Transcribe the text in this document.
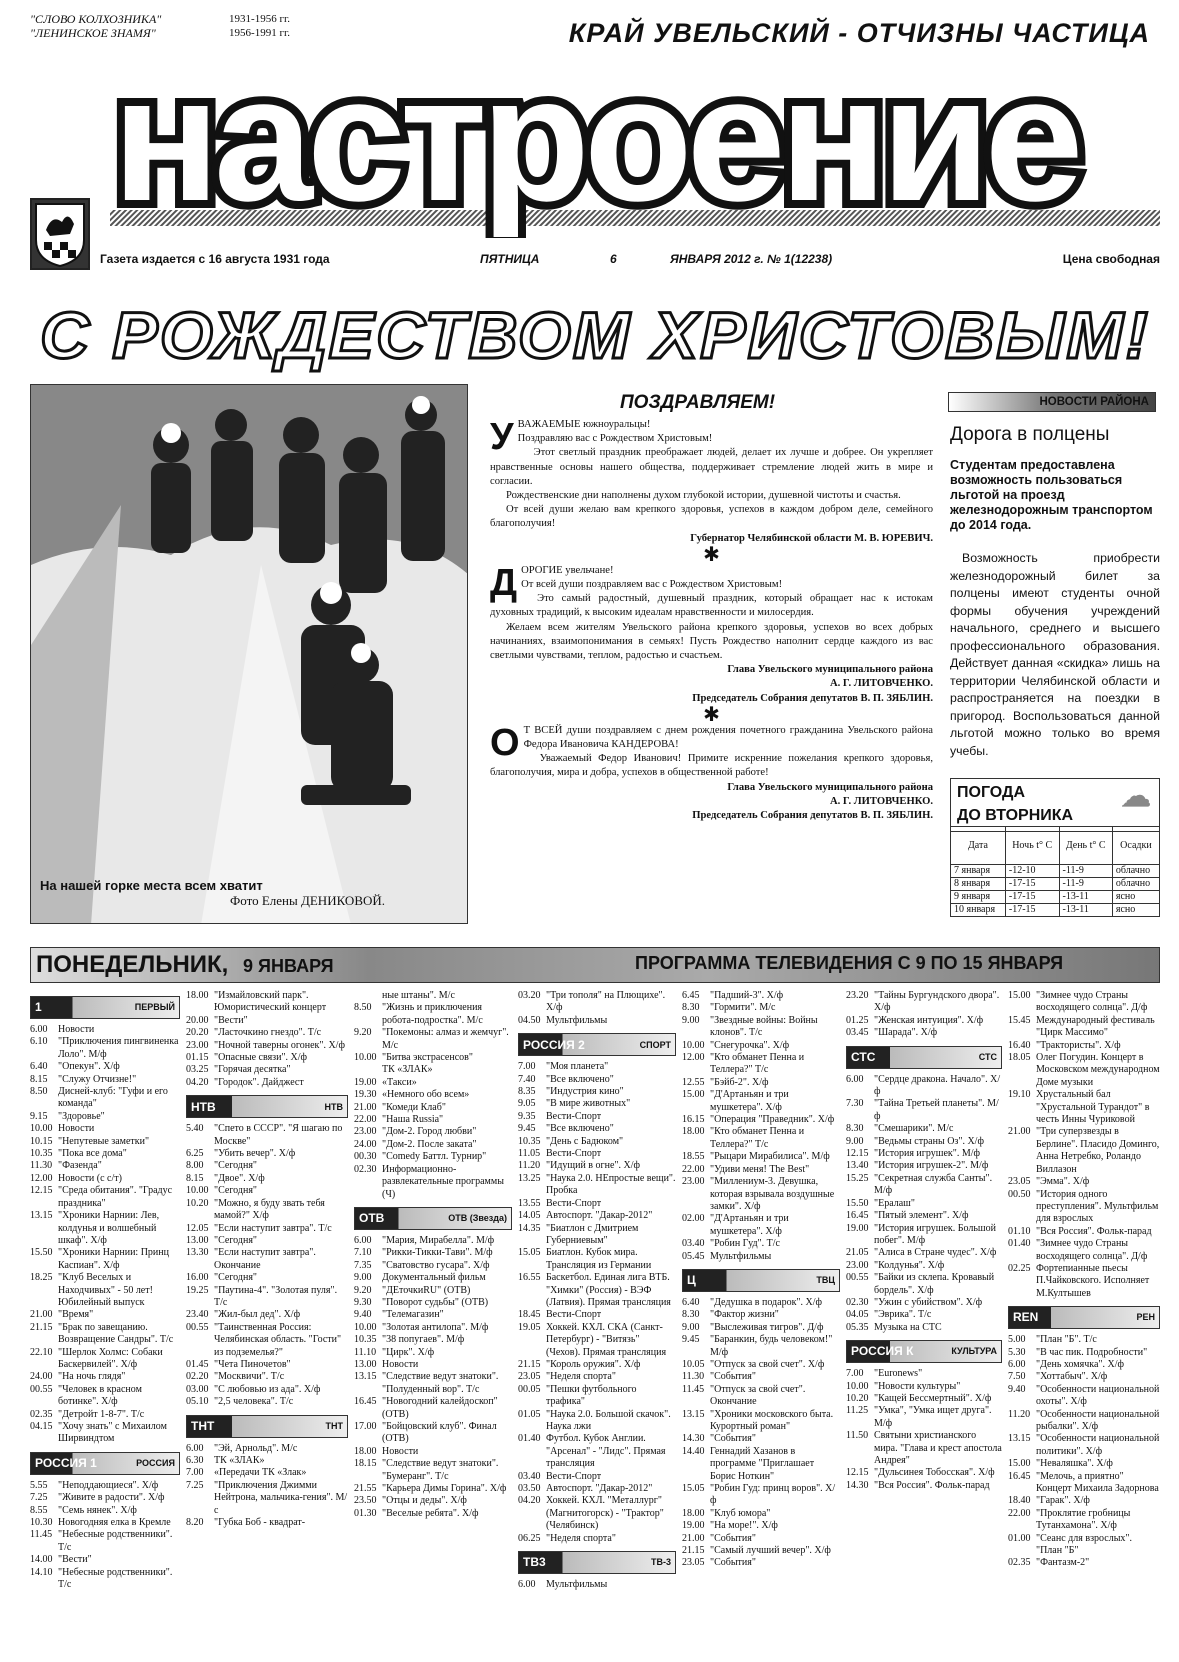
"СЛОВО КОЛХОЗНИКА"	1931-1956 гг.
"ЛЕНИНСКОЕ ЗНАМЯ"	1956-1991 гг.	КРАЙ УВЕЛЬСКИЙ - ОТЧИЗНЫ ЧАСТИЦА
настроение
Газета издается с 16 августа 1931 года	ПЯТНИЦА	6	ЯНВАРЯ 2012 г. № 1(12238)	Цена свободная
С РОЖДЕСТВОМ ХРИСТОВЫМ!
На нашей горке места всем хватит
Фото Елены ДЕНИКОВОЙ.
ПОЗДРАВЛЯЕМ!

УВАЖАЕМЫЕ южноуральцы!

Поздравляю вас с Рождеством Христовым!

Этот светлый праздник преображает людей, делает их лучше и добрее. Он укрепляет нравственные основы нашего общества, поддерживает стремление людей жить в мире и согласии.

Рождественские дни наполнены духом глубокой истории, душевной чистоты и счастья.

От всей души желаю вам крепкого здоровья, успехов в каждом добром деле, семейного благополучия!

Губернатор Челябинской области М. В. ЮРЕВИЧ.

✱

ДОРОГИЕ увельчане!

От всей души поздравляем вас с Рождеством Христовым!

Это самый радостный, душевный праздник, который обращает нас к истокам духовных традиций, к высоким идеалам нравственности и милосердия.

Желаем всем жителям Увельского района крепкого здоровья, успехов во всех добрых начинаниях, взаимопонимания в семьях! Пусть Рождество наполнит сердце каждого из вас светлыми чувствами, теплом, радостью и счастьем.

Глава Увельского муниципального района

А. Г. ЛИТОВЧЕНКО.

Председатель Собрания депутатов В. П. ЗЯБЛИН.

✱

О Т ВСЕЙ души поздравляем с днем рождения почетного гражданина Увельского района Федора Ивановича КАНДЕРОВА!

Уважаемый Федор Иванович! Примите искренние пожелания крепкого здоровья, благополучия, мира и добра, успехов в общественной работе!

Глава Увельского муниципального района

А. Г. ЛИТОВЧЕНКО.

Председатель Собрания депутатов В. П. ЗЯБЛИН.

НОВОСТИ РАЙОНА
Дорога в полцены
Студентам предоставлена возможность пользоваться льготой на проезд железнодорожным транспортом до 2014 года.
Возможность приобрести железнодорожный билет за полцены имеют студенты очной формы обучения учреждений начального, среднего и высшего профессионального образования. Действует данная «скидка» лишь на территории Челябинской области и распространяется на поездки в пригород. Воспользоваться данной льготой можно только во время учебы.
ПОГОДА
ДО ВТОРНИКА
☁
Дата	Ночь t° С	День t° С	Осадки
7 января	-12-10	-11-9	облачно
8 января	-17-15	-11-9	облачно
9 января	-17-15	-13-11	ясно
10 января	-17-15	-13-11	ясно
ПОНЕДЕЛЬНИК, 9 ЯНВАРЯ	ПРОГРАММА ТЕЛЕВИДЕНИЯ С 9 ПО 15 ЯНВАРЯ
1	ПЕРВЫЙ
6.00	Новости
6.10	"Приключения пингвиненка Лоло". М/ф
6.40	"Опекун". Х/ф
8.15	"Служу Отчизне!"
8.50	Дисней-клуб: "Гуфи и его команда"
9.15	"Здоровье"
10.00 Новости
10.15 "Непутевые заметки"
10.35 "Пока все дома"
11.30 "Фазенда"
12.00 Новости (с с/т)
12.15 "Среда обитания". "Градус праздника"
13.15 "Хроники Нарнии: Лев, колдунья и волшебный шкаф". Х/ф
15.50 "Хроники Нарнии: Принц Каспиан". Х/ф
18.25 "Клуб Веселых и Находчивых" - 50 лет! Юбилейный выпуск
21.00 "Время"
21.15 "Брак по завещанию. Возвращение Сандры". Т/с
22.10 "Шерлок Холмс: Собаки Баскервилей". Х/ф
24.00 "На ночь глядя"
00.55 "Человек в красном ботинке". Х/ф
02.35 "Детройт 1-8-7". Т/с
04.15 "Хочу знать" с Михаилом Ширвиндтом
РОССИЯ 1	РОССИЯ
5.55	"Неподдающиеся". Х/ф
7.25	"Живите в радости". Х/ф
8.55	"Семь нянек". Х/ф
10.30 Новогодняя елка в Кремле
11.45 "Небесные родственники". Т/с
14.00 "Вести"
14.10 "Небесные родственники". Т/с
18.00 "Измайловский парк". Юмористический концерт
20.00 "Вести"
20.20 "Ласточкино гнездо". Т/с
23.00 "Ночной таверны огонек". Х/ф
01.15 "Опасные связи". Х/ф
03.25 "Горячая десятка"
04.20 "Городок". Дайджест
НТВ	НТВ
5.40	"Спето в СССР". "Я шагаю по Москве"
6.25	"Убить вечер". Х/ф
8.00	"Сегодня"
8.15	"Двое". Х/ф
10.00 "Сегодня"
10.20 "Можно, я буду звать тебя мамой?" Х/ф
12.05 "Если наступит завтра". Т/с
13.00 "Сегодня"
13.30 "Если наступит завтра". Окончание
16.00 "Сегодня"
19.25 "Паутина-4". "Золотая пуля". Т/с
23.40 "Жил-был дед". Х/ф
00.55 "Таинственная Россия: Челябинская область. "Гости" из подземелья?"
01.45 "Чета Пиночетов"
02.20 "Москвичи". Т/с
03.00 "С любовью из ада". Х/ф
05.10 "2,5 человека". Т/с
ТНТ	ТНТ
6.00	"Эй, Арнольд". М/с
6.30	ТК «ЗЛАК»
7.00	«Передачи ТК «Злак»
7.25	"Приключения Джимми Нейтрона, мальчика-гения". М/с
8.20	"Губка Боб - квадрат-
ные штаны". М/с
8.50	"Жизнь и приключения робота-подростка". М/с
9.20	"Покемоны: алмаз и жемчуг". М/с
10.00 "Битва экстрасенсов"
ТК «ЗЛАК»
19.00 «Такси»
19.30 «Немного обо всем»
21.00 "Комеди Клаб"
22.00 "Наша Russia"
23.00 "Дом-2. Город любви"
24.00 "Дом-2. После заката"
00.30 "Comedy Баттл. Турнир"
02.30 Информационно-развлекательные программы (Ч)
ОТВ	ОТВ (Звезда)
6.00	"Мария, Мирабелла". М/ф
7.10	"Рикки-Тикки-Тави". М/ф
7.35	"Сватовство гусара". Х/ф
9.00	Документальный фильм
9.20	"ДЕточкиRU" (ОТВ)
9.30	"Поворот судьбы" (ОТВ)
9.40	"Телемагазин"
10.00 "Золотая антилопа". М/ф
10.35 "38 попугаев". М/ф
11.10 "Цирк". Х/ф
13.00 Новости
13.15 "Следствие ведут знатоки". "Полуденный вор". Т/с
16.45 "Новогодний калейдоскоп" (ОТВ)
17.00 "Бойцовский клуб". Финал (ОТВ)
18.00 Новости
18.15 "Следствие ведут знатоки". "Бумеранг". Т/с
21.55 "Карьера Димы Горина". Х/ф
23.50 "Отцы и деды". Х/ф
01.30 "Веселые ребята". Х/ф
03.20 "Три тополя" на Плющихе". Х/ф
04.50 Мультфильмы
РОССИЯ 2	СПОРТ
7.00	"Моя планета"
7.40	"Все включено"
8.35	"Индустрия кино"
9.05	"В мире животных"
9.35	Вести-Спорт
9.45	"Все включено"
10.35 "День с Бадюком"
11.05 Вести-Спорт
11.20 "Идущий в огне". Х/ф
13.25 "Наука 2.0. НЕпростые вещи". Пробка
13.55 Вести-Спорт
14.05 Автоспорт. "Дакар-2012"
14.35 "Биатлон с Дмитрием Губерниевым"
15.05 Биатлон. Кубок мира. Трансляция из Германии
16.55 Баскетбол. Единая лига ВТБ. "Химки" (Россия) - ВЭФ (Латвия). Прямая трансляция
18.45 Вести-Спорт
19.05 Хоккей. КХЛ. СКА (Санкт-Петербург) - "Витязь" (Чехов). Прямая трансляция
21.15 "Король оружия". Х/ф
23.05 "Неделя спорта"
00.05 "Пешки футбольного трафика"
01.05 "Наука 2.0. Большой скачок". Наука лжи
01.40 Футбол. Кубок Англии. "Арсенал" - "Лидс". Прямая трансляция
03.40 Вести-Спорт
03.50 Автоспорт. "Дакар-2012"
04.20 Хоккей. КХЛ. "Металлург" (Магнитогорск) - "Трактор" (Челябинск)
06.25 "Неделя спорта"
ТВ3	ТВ-3
6.00	Мультфильмы
6.45	"Падший-3". Х/ф
8.30	"Гормити". М/с
9.00	"Звездные войны: Войны клонов". Т/с
10.00 "Снегурочка". Х/ф
12.00 "Кто обманет Пенна и Теллера?" Т/с
12.55 "Бэйб-2". Х/ф
15.00 "Д'Артаньян и три мушкетера". Х/ф
16.15 "Операция "Праведник". Х/ф
18.00 "Кто обманет Пенна и Теллера?" Т/с
18.55 "Рыцари Мирабилиса". М/ф
22.00 "Удиви меня! The Best"
23.00 "Миллениум-3. Девушка, которая взрывала воздушные замки". Х/ф
02.00 "Д'Артаньян и три мушкетера". Х/ф
03.40 "Робин Гуд". Т/с
05.45 Мультфильмы
Ц	ТВЦ
6.40	"Дедушка в подарок". Х/ф
8.30	"Фактор жизни"
9.00	"Выслеживая тигров". Д/ф
9.45	"Баранкин, будь человеком!" М/ф
10.05 "Отпуск за свой счет". Х/ф
11.30 "События"
11.45 "Отпуск за свой счет". Окончание
13.15 "Хроники московского быта. Курортный роман"
14.30 "События"
14.40 Геннадий Хазанов в программе "Приглашает Борис Ноткин"
15.05 "Робин Гуд: принц воров". Х/ф
18.00 "Клуб юмора"
19.00 "На море!". Х/ф
21.00 "События"
21.15 "Самый лучший вечер". Х/ф
23.05 "События"
23.20 "Тайны Бургундского двора". Х/ф
01.25 "Женская интуиция". Х/ф
03.45 "Шарада". Х/ф
СТС	СТС
6.00	"Сердце дракона. Начало". Х/ф
7.30	"Тайна Третьей планеты". М/ф
8.30	"Смешарики". М/с
9.00	"Ведьмы страны Оз". Х/ф
12.15 "История игрушек". М/ф
13.40 "История игрушек-2". М/ф
15.25 "Секретная служба Санты". М/ф
15.50 "Ералаш"
16.45 "Пятый элемент". Х/ф
19.00 "История игрушек. Большой побег". М/ф
21.05 "Алиса в Стране чудес". Х/ф
23.00 "Колдунья". Х/ф
00.55 "Байки из склепа. Кровавый бордель". Х/ф
02.30 "Ужин с убийством". Х/ф
04.05 "Эврика". Т/с
05.35 Музыка на СТС
РОССИЯ К	КУЛЬТУРА
7.00	"Euronews"
10.00 "Новости культуры"
10.20 "Кащей Бессмертный". Х/ф
11.25 "Умка", "Умка ищет друга". М/ф
11.50 Святыни христианского мира. "Глава и крест апостола Андрея"
12.15 "Дульсинея Тобосская". Х/ф
14.30 "Вся Россия". Фольк-парад
15.00 "Зимнее чудо Страны восходящего солнца". Д/ф
15.45 Международный фестиваль "Цирк Массимо"
16.40 "Трактористы". Х/ф
18.05 Олег Погудин. Концерт в Московском международном Доме музыки
19.10 Хрустальный бал "Хрустальной Турандот" в честь Инны Чуриковой
21.00 "Три суперзвезды в Берлине". Пласидо Доминго, Анна Нетребко, Роландо Виллазон
23.05 "Эмма". Х/ф
00.50 "История одного преступления". Мультфильм для взрослых
01.10 "Вся Россия". Фольк-парад
01.40 "Зимнее чудо Страны восходящего солнца". Д/ф
02.25 Фортепианные пьесы П.Чайковского. Исполняет М.Култышев
REN	РЕН
5.00	"План "Б". Т/с
5.30	"В час пик. Подробности"
6.00	"День хомячка". Х/ф
7.50	"Хоттабыч". Х/ф
9.40	"Особенности национальной охоты". Х/ф
11.20 "Особенности национальной рыбалки". Х/ф
13.15 "Особенности национальной политики". Х/ф
15.00 "Неваляшка". Х/ф
16.45 "Мелочь, а приятно" Концерт Михаила Задорнова
18.40 "Гарак". Х/ф
22.00 "Проклятие гробницы Тутанхамона". Х/ф
01.00 "Сеанс для взрослых". "План "Б"
02.35 "Фантазм-2"
